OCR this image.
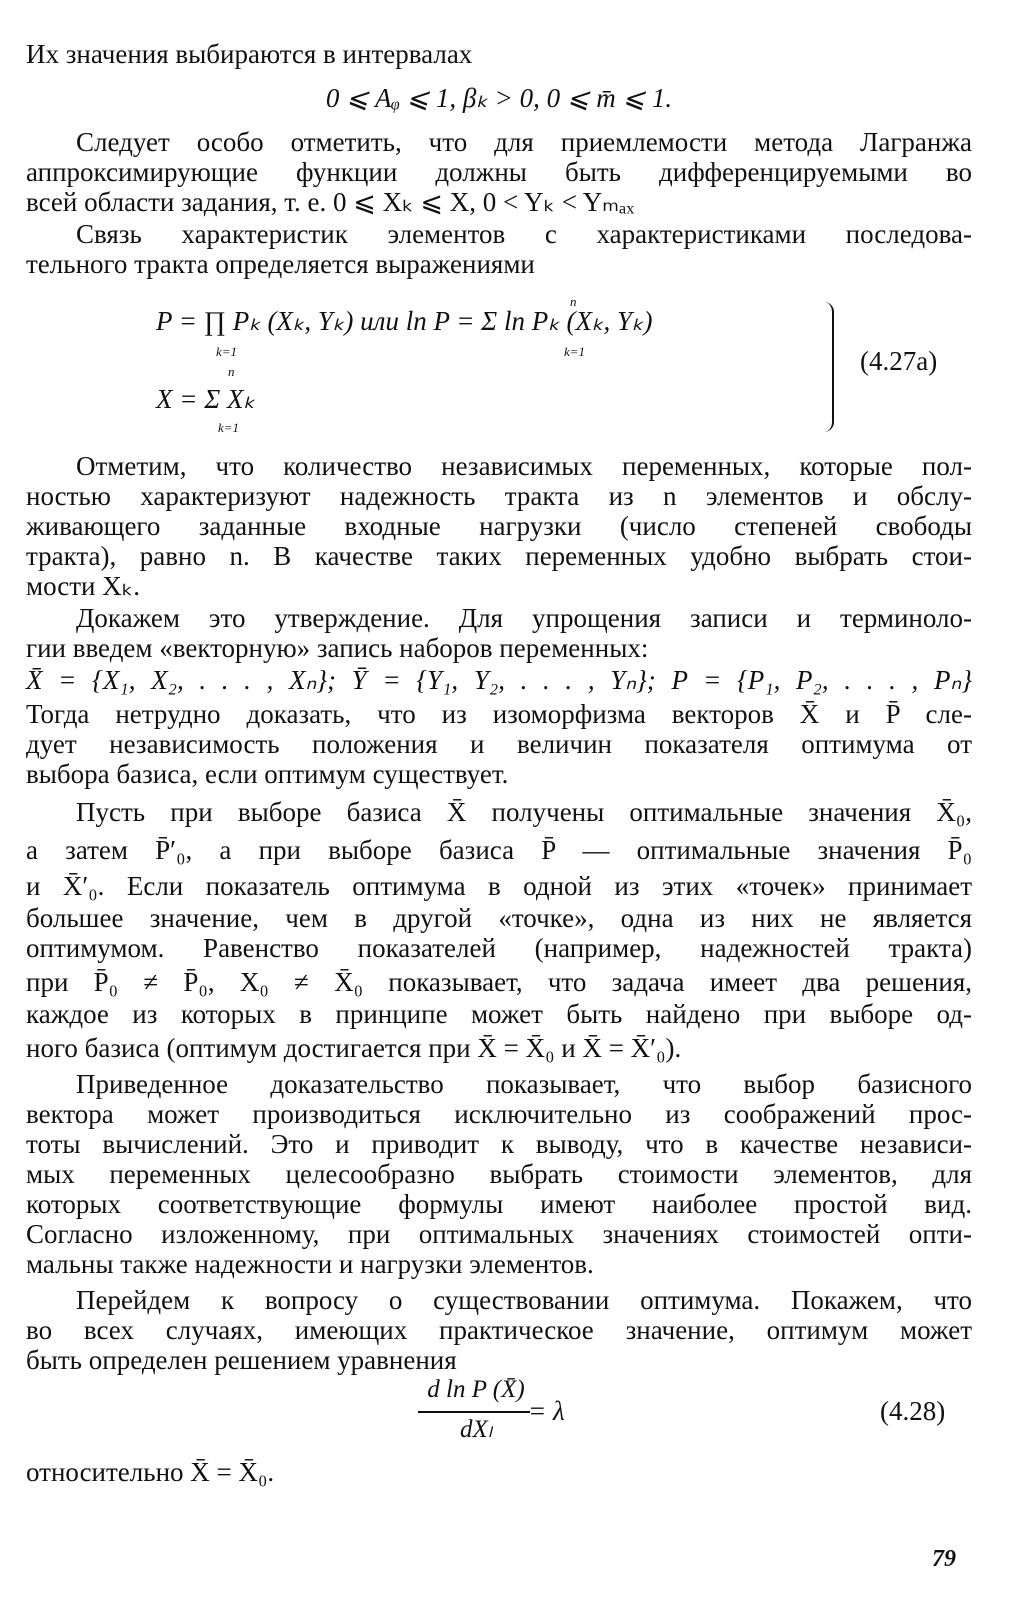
Их значения выбираются в интервалах
0 ⩽ Aᵩ ⩽ 1, βₖ > 0, 0 ⩽ m̄ ⩽ 1.
Следует особо отметить, что для приемлемости метода Лагранжа
аппроксимирующие функции должны быть дифференцируемыми во
всей области задания, т. е. 0 ⩽ Xₖ ⩽ X, 0 < Yₖ < Yₘₐₓ
Связь характеристик элементов с характеристиками последова-
тельного тракта определяется выражениями
Отметим, что количество независимых переменных, которые пол-
ностью характеризуют надежность тракта из n элементов и обслу-
живающего заданные входные нагрузки (число степеней свободы
тракта), равно n. В качестве таких переменных удобно выбрать стои-
мости Xₖ.
Докажем это утверждение. Для упрощения записи и терминоло-
гии введем «векторную» запись наборов переменных:
X̄ = {X₁, X₂, . . . , Xₙ}; Ȳ = {Y₁, Y₂, . . . , Yₙ}; P = {P₁, P₂, . . . , Pₙ}
Тогда нетрудно доказать, что из изоморфизма векторов X̄ и P̄ сле-
дует независимость положения и величин показателя оптимума от
выбора базиса, если оптимум существует.
Пусть при выборе базиса X̄ получены оптимальные значения X̄₀,
а затем P̄′₀, а при выборе базиса P̄ — оптимальные значения P̄₀
и X̄′₀. Если показатель оптимума в одной из этих «точек» принимает
большее значение, чем в другой «точке», одна из них не является
оптимумом. Равенство показателей (например, надежностей тракта)
при P̄₀ ≠ P̄₀, X₀ ≠ X̄₀ показывает, что задача имеет два решения,
каждое из которых в принципе может быть найдено при выборе од-
ного базиса (оптимум достигается при X̄ = X̄₀ и X̄ = X̄′₀).
Приведенное доказательство показывает, что выбор базисного
вектора может производиться исключительно из соображений прос-
тоты вычислений. Это и приводит к выводу, что в качестве независи-
мых переменных целесообразно выбрать стоимости элементов, для
которых соответствующие формулы имеют наиболее простой вид.
Согласно изложенному, при оптимальных значениях стоимостей опти-
мальны также надежности и нагрузки элементов.
Перейдем к вопросу о существовании оптимума. Покажем, что
во всех случаях, имеющих практическое значение, оптимум может
быть определен решением уравнения
относительно X̄ = X̄₀.
P = ∏ Pₖ (Xₖ, Yₖ) или ln P = Σ ln Pₖ (Xₖ, Yₖ)
k=1
n
k=1
n
X = Σ Xₖ
k=1
(4.27а)
d ln P (X̄)
dXₗ
= λ	(4.28)
79
